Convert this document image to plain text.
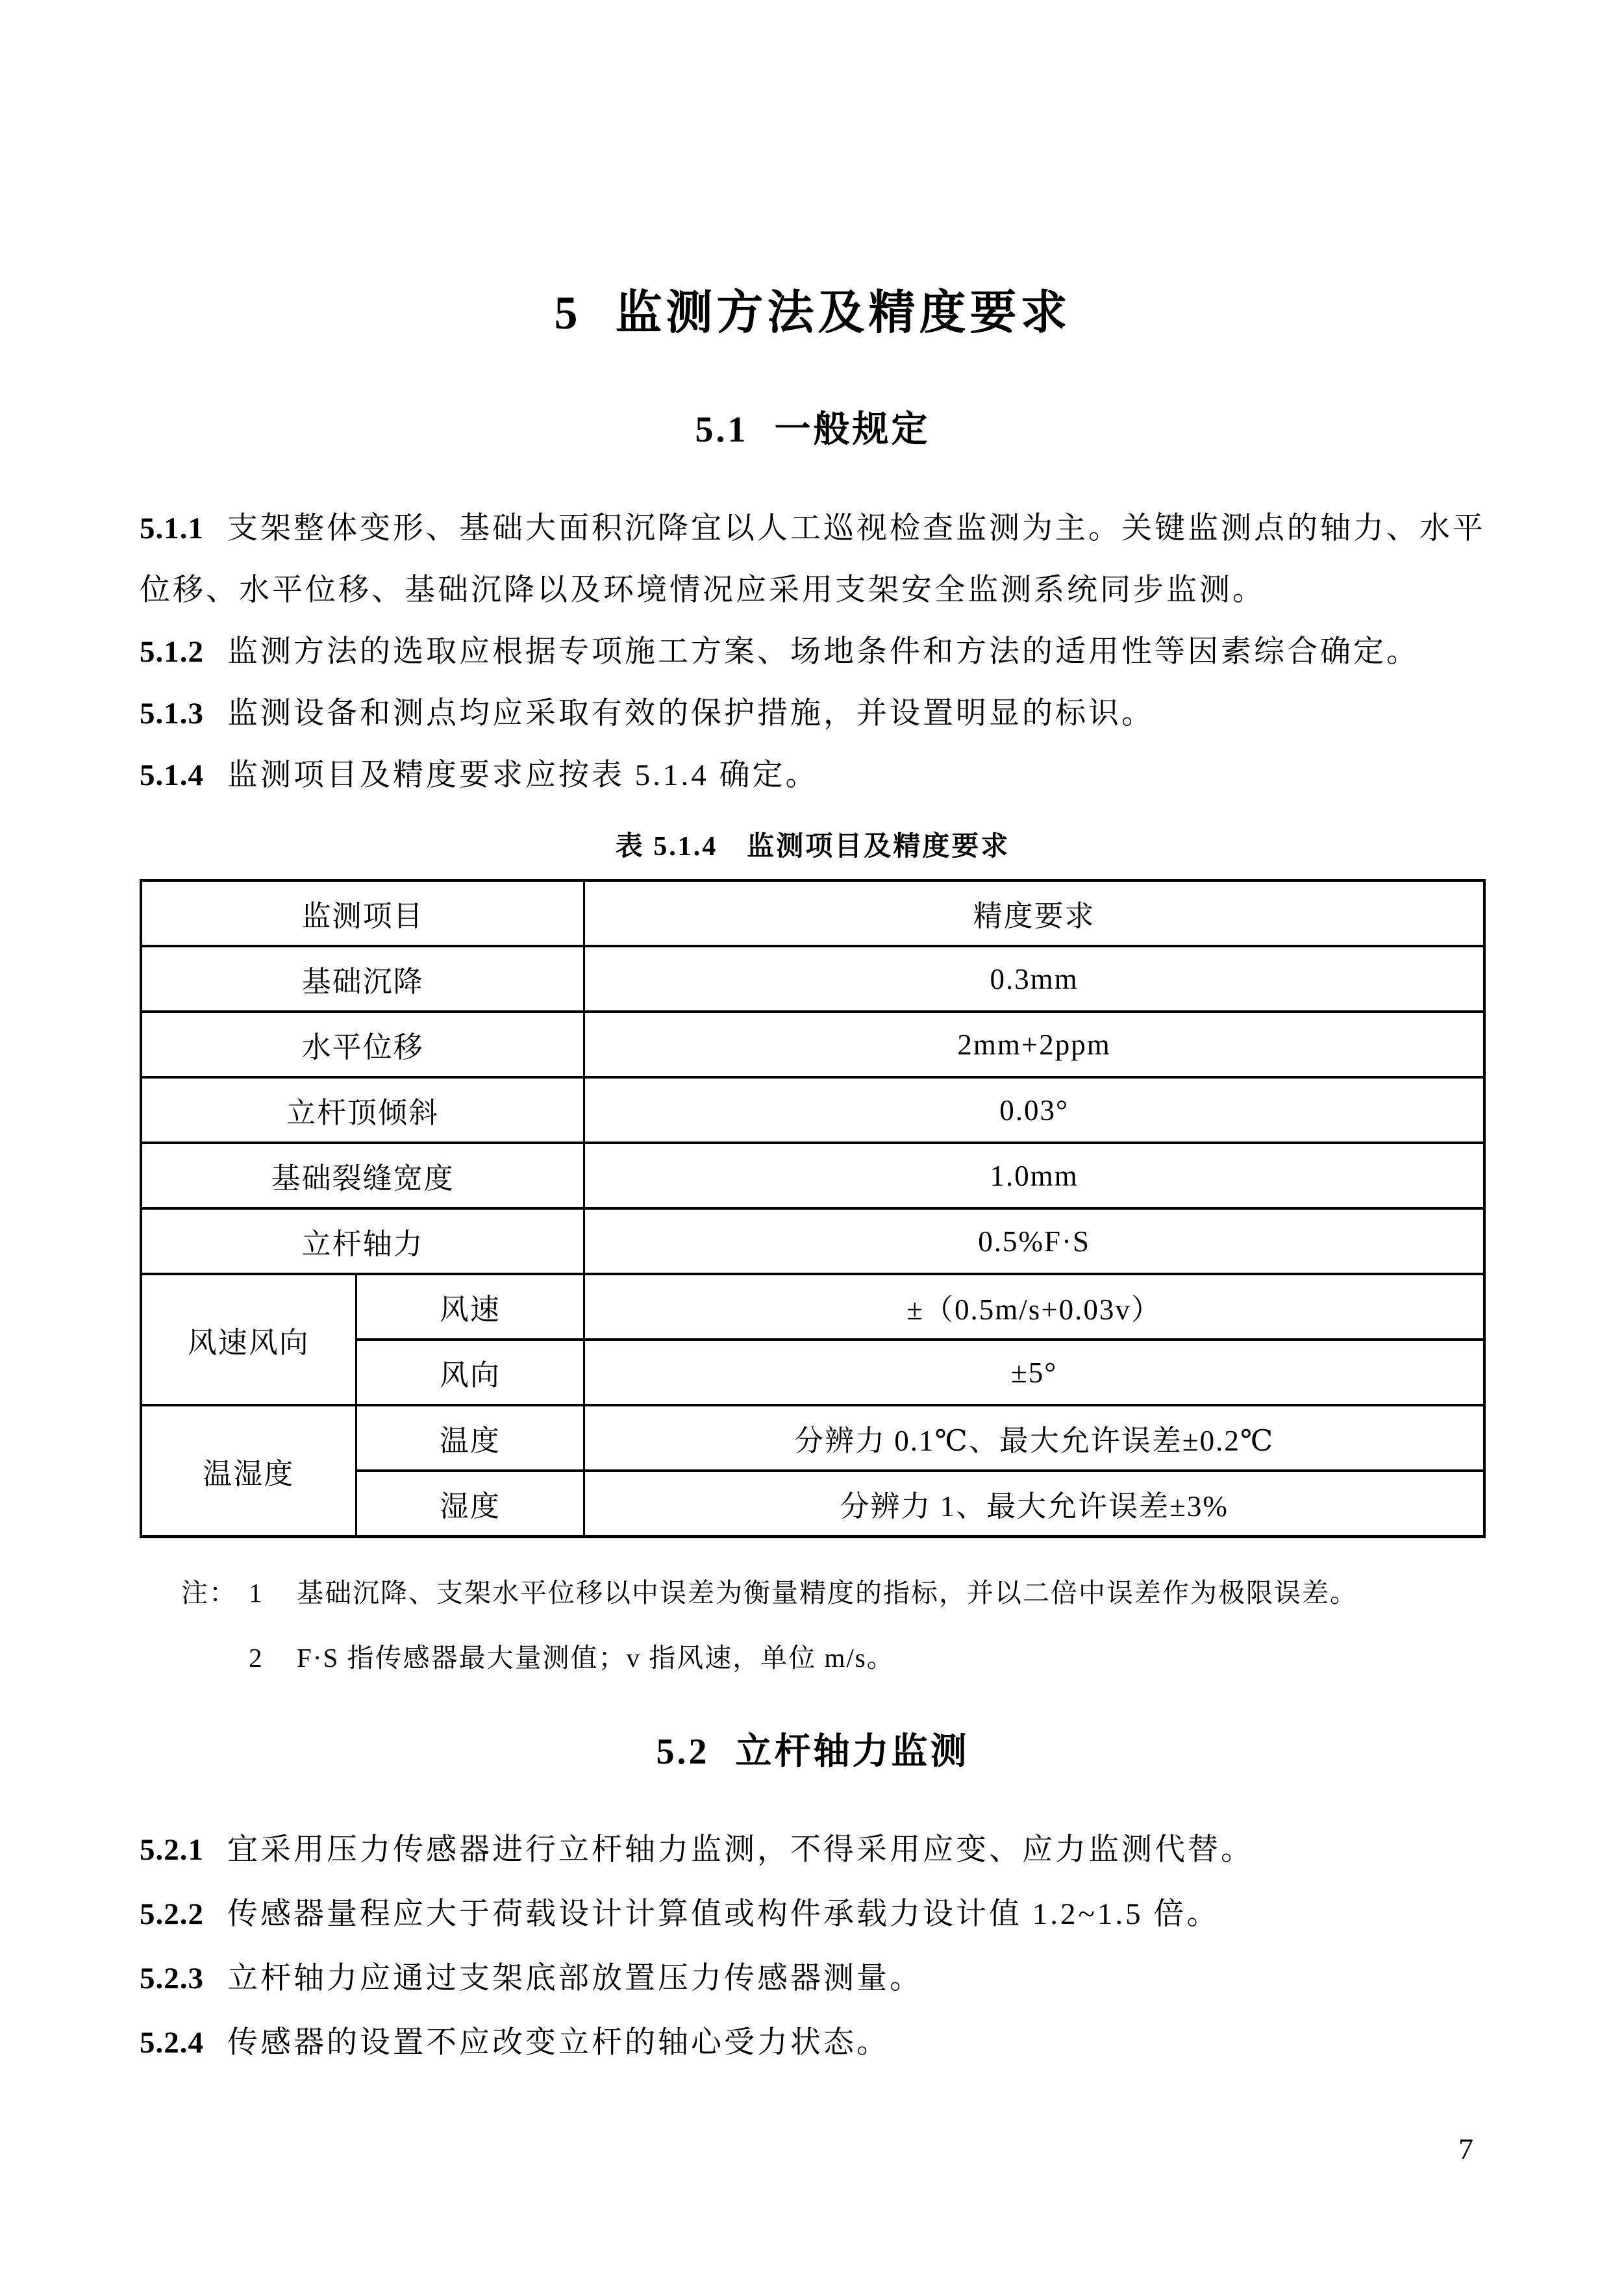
5 监测方法及精度要求
5.1 一般规定

5.1.1 支架整体变形、基础大面积沉降宜以人工巡视检查监测为主。关键监测点的轴力、水平位移、水平位移、基础沉降以及环境情况应采用支架安全监测系统同步监测。

5.1.2 监测方法的选取应根据专项施工方案、场地条件和方法的适用性等因素综合确定。

5.1.3 监测设备和测点均应采取有效的保护措施，并设置明显的标识。

5.1.4 监测项目及精度要求应按表 5.1.4 确定。

表 5.1.4　监测项目及精度要求
监测项目		精度要求
基础沉降		0.3mm
水平位移		2mm+2ppm
立杆顶倾斜		0.03°
基础裂缝宽度		1.0mm
立杆轴力		0.5%F·S
风速风向	风速	±（0.5m/s+0.03v）
	风向	±5°
温湿度	温度	分辨力 0.1℃、最大允许误差±0.2℃
	湿度	分辨力 1、最大允许误差±3%
注： 1	基础沉降、支架水平位移以中误差为衡量精度的指标，并以二倍中误差作为极限误差。
2	F·S 指传感器最大量测值；v 指风速，单位 m/s。
5.2 立杆轴力监测

5.2.1 宜采用压力传感器进行立杆轴力监测，不得采用应变、应力监测代替。

5.2.2 传感器量程应大于荷载设计计算值或构件承载力设计值 1.2~1.5 倍。

5.2.3 立杆轴力应通过支架底部放置压力传感器测量。

5.2.4 传感器的设置不应改变立杆的轴心受力状态。

7
